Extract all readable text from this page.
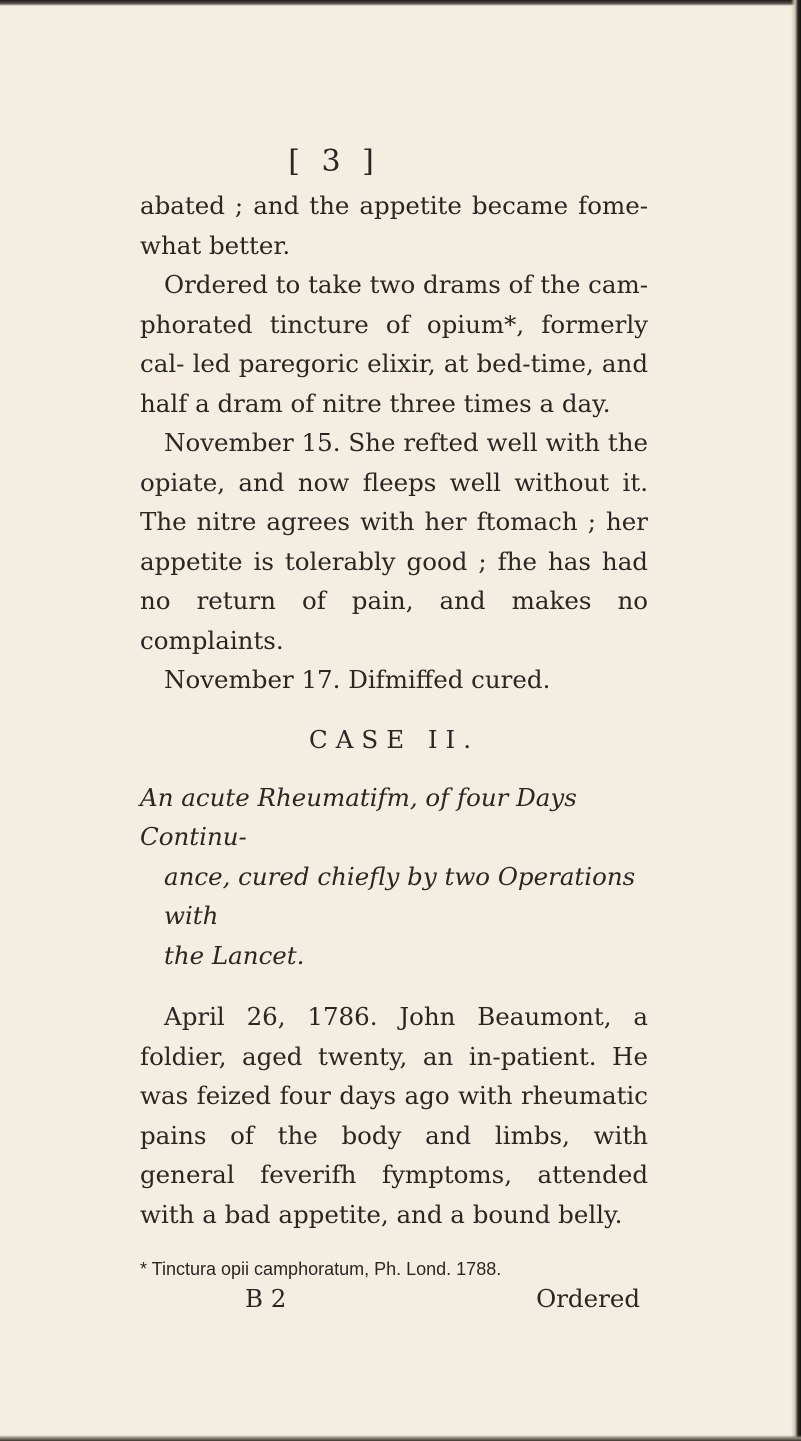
[ 3 ]

abated ; and the appetite became fome- what better.

Ordered to take two drams of the cam- phorated tincture of opium*, formerly cal- led paregoric elixir, at bed-time, and half a dram of nitre three times a day.

November 15. She refted well with the opiate, and now fleeps well without it. The nitre agrees with her ftomach ; her appetite is tolerably good ; fhe has had no return of pain, and makes no complaints.

November 17. Difmiffed cured.

CASE II.
An acute Rheumatifm, of four Days Continu-
ance, cured chiefly by two Operations with
the Lancet.

April 26, 1786. John Beaumont, a foldier, aged twenty, an in-patient. He was feized four days ago with rheumatic pains of the body and limbs, with general feverifh fymptoms, attended with a bad appetite, and a bound belly.

* Tinctura opii camphoratum, Ph. Lond. 1788.
B 2	Ordered
